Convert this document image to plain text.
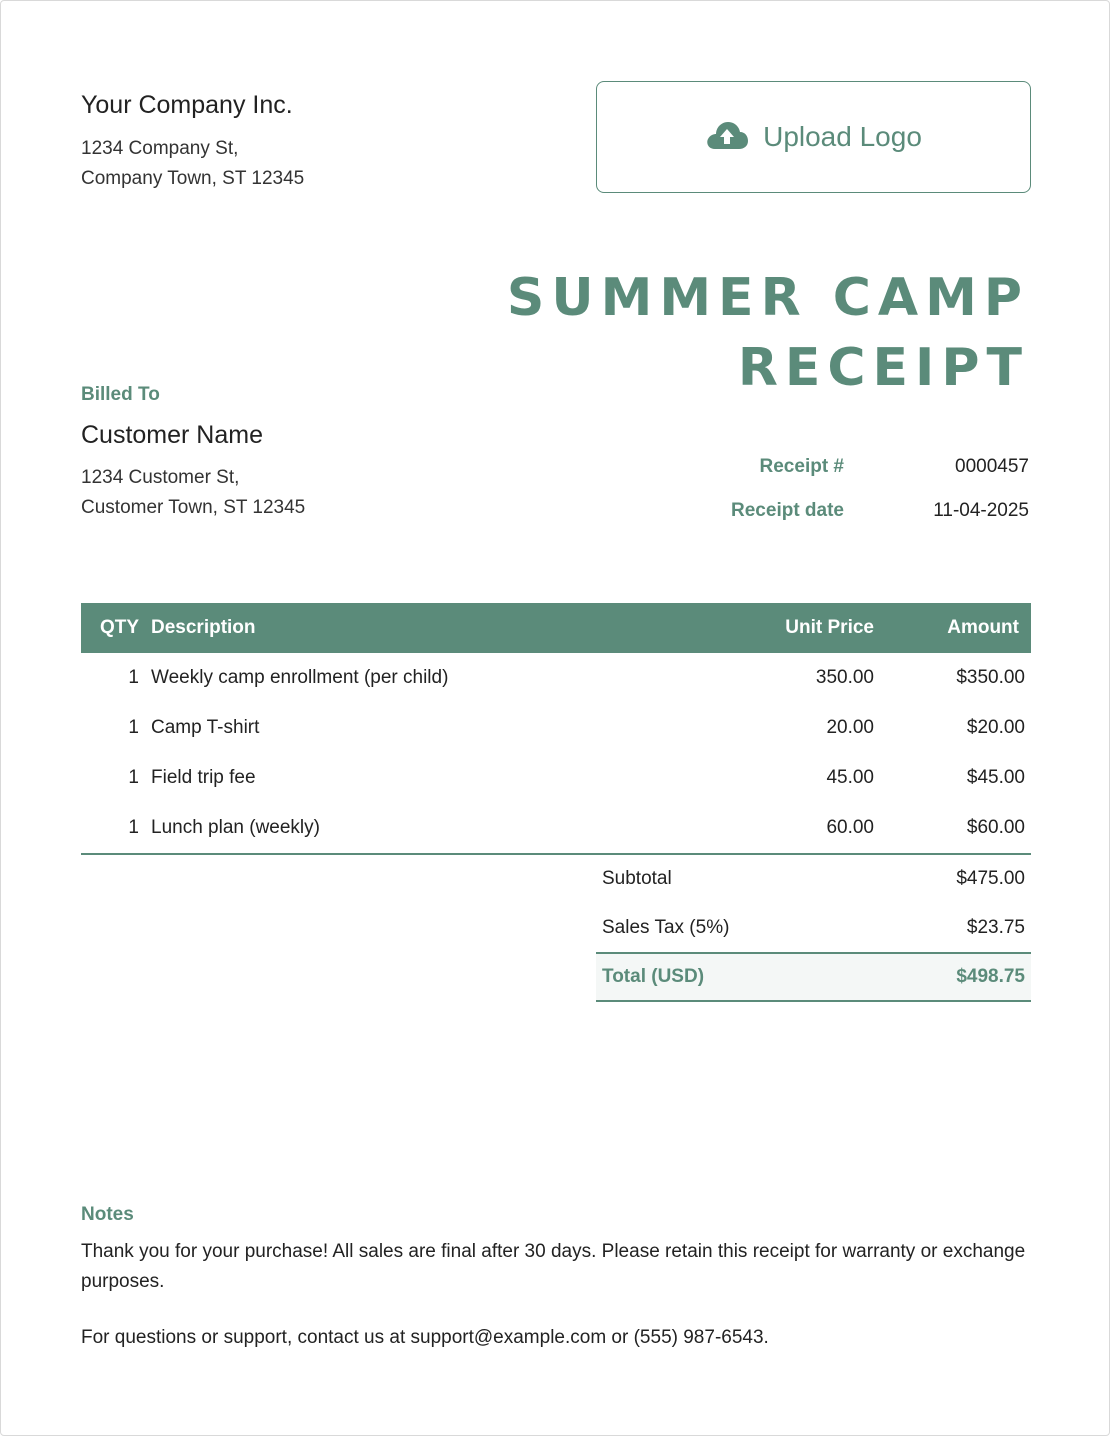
Your Company Inc.
1234 Company St,
Company Town, ST 12345
Upload Logo
SUMMER CAMP
RECEIPT
Billed To
Customer Name
1234 Customer St,
Customer Town, ST 12345
Receipt #	0000457
Receipt date	11-04-2025
QTY	Description	Unit Price	Amount
1	Weekly camp enrollment (per child)	350.00	$350.00
1	Camp T-shirt	20.00	$20.00
1	Field trip fee	45.00	$45.00
1	Lunch plan (weekly)	60.00	$60.00
Subtotal	$475.00
Sales Tax (5%)	$23.75
Total (USD)	$498.75
Notes
Thank you for your purchase! All sales are final after 30 days. Please retain this receipt for warranty or exchange purposes.
For questions or support, contact us at support@example.com or (555) 987-6543.
